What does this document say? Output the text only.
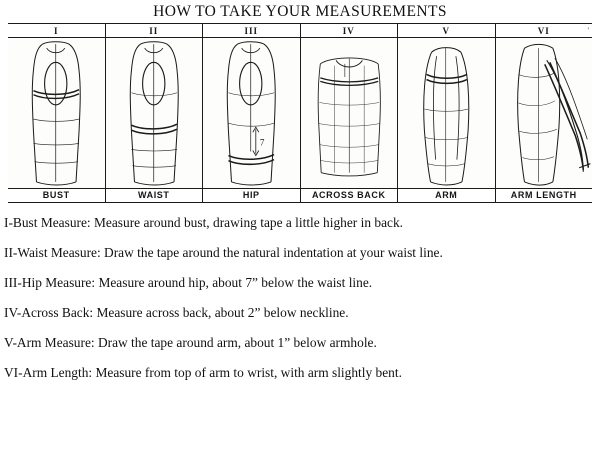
HOW TO TAKE YOUR MEASUREMENTS
I
BUST
II
WAIST
III
7
HIP
IV
ACROSS BACK
V
ARM
'
VI
ARM LENGTH

I-Bust Measure: Measure around bust, drawing tape a little higher in back.

II-Waist Measure: Draw the tape around the natural indentation at your waist line.

III-Hip Measure: Measure around hip, about 7” below the waist line.

IV-Across Back: Measure across back, about 2” below neckline.

V-Arm Measure: Draw the tape around arm, about 1” below armhole.

VI-Arm Length: Measure from top of arm to wrist, with arm slightly bent.
